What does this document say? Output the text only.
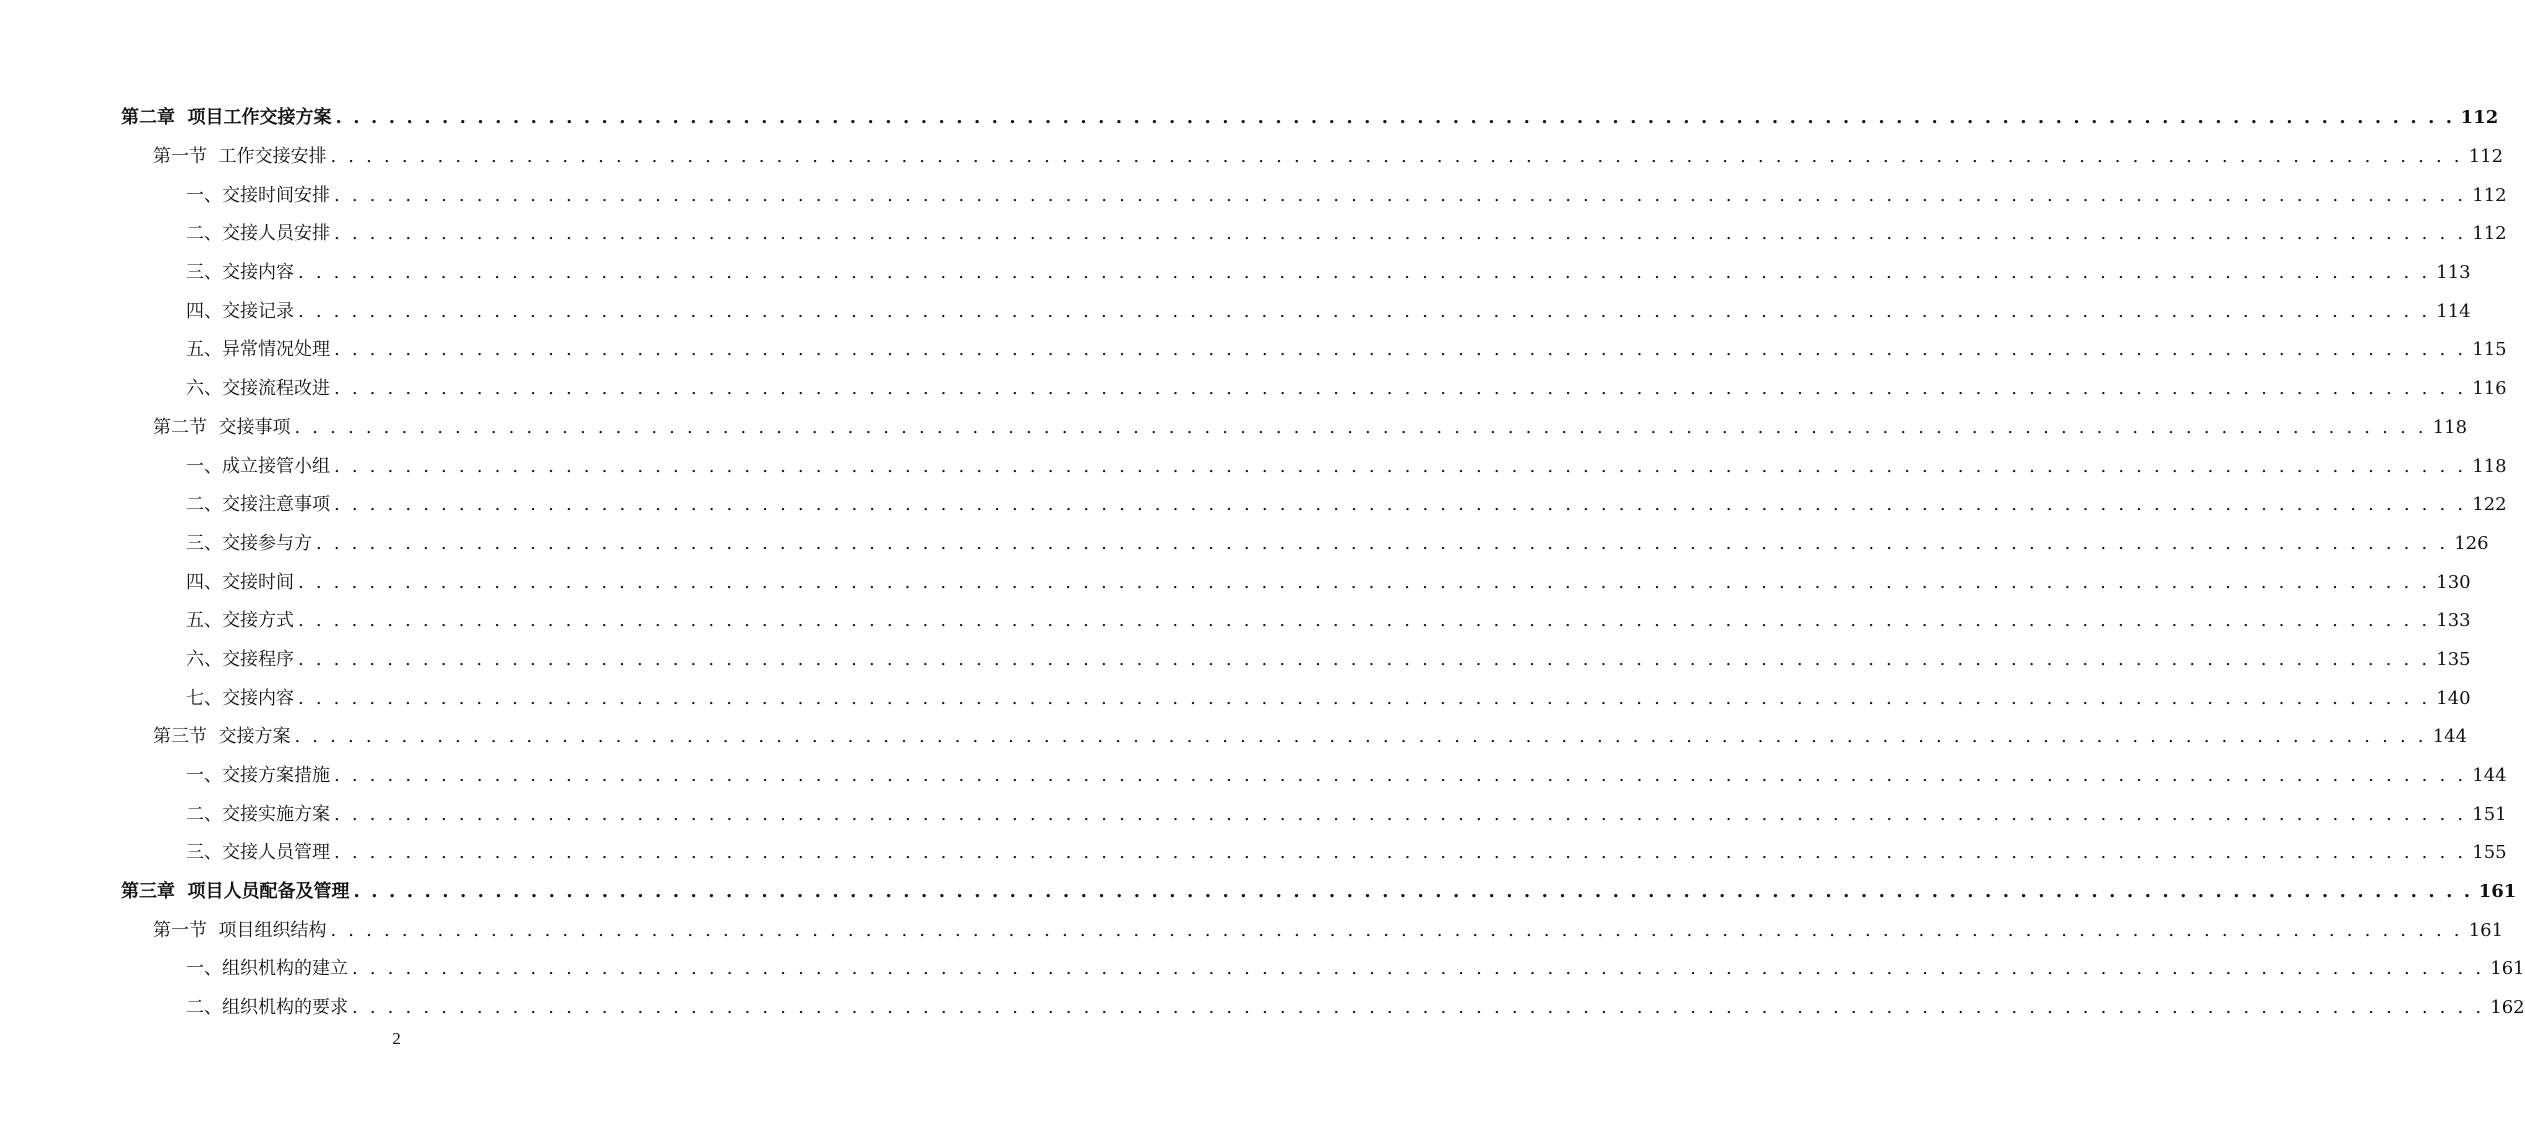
第二章  项目工作交接方案 . . . . . . . . . . . . . . . . . . . . . . . . . . . . . . . . . . . . . . . . . . . . . . . . . . . . . . . . . . . . . . . . . . . . . . . . . . . . . . . . . . . . . . . . . . . . . . . . . . . . . . . . . . . . . . . . . . . . . . . . 112
第一节  工作交接安排 . . . . . . . . . . . . . . . . . . . . . . . . . . . . . . . . . . . . . . . . . . . . . . . . . . . . . . . . . . . . . . . . . . . . . . . . . . . . . . . . . . . . . . . . . . . . . . . . . . . . . . . . . . . . . . . . . . . . . . . . 112
一、交接时间安排 . . . . . . . . . . . . . . . . . . . . . . . . . . . . . . . . . . . . . . . . . . . . . . . . . . . . . . . . . . . . . . . . . . . . . . . . . . . . . . . . . . . . . . . . . . . . . . . . . . . . . . . . . . . . . . . . . . . . . . . . 112
二、交接人员安排 . . . . . . . . . . . . . . . . . . . . . . . . . . . . . . . . . . . . . . . . . . . . . . . . . . . . . . . . . . . . . . . . . . . . . . . . . . . . . . . . . . . . . . . . . . . . . . . . . . . . . . . . . . . . . . . . . . . . . . . . 112
三、交接内容 . . . . . . . . . . . . . . . . . . . . . . . . . . . . . . . . . . . . . . . . . . . . . . . . . . . . . . . . . . . . . . . . . . . . . . . . . . . . . . . . . . . . . . . . . . . . . . . . . . . . . . . . . . . . . . . . . . . . . . . . 113
四、交接记录 . . . . . . . . . . . . . . . . . . . . . . . . . . . . . . . . . . . . . . . . . . . . . . . . . . . . . . . . . . . . . . . . . . . . . . . . . . . . . . . . . . . . . . . . . . . . . . . . . . . . . . . . . . . . . . . . . . . . . . . . 114
五、异常情况处理 . . . . . . . . . . . . . . . . . . . . . . . . . . . . . . . . . . . . . . . . . . . . . . . . . . . . . . . . . . . . . . . . . . . . . . . . . . . . . . . . . . . . . . . . . . . . . . . . . . . . . . . . . . . . . . . . . . . . . . . . 115
六、交接流程改进 . . . . . . . . . . . . . . . . . . . . . . . . . . . . . . . . . . . . . . . . . . . . . . . . . . . . . . . . . . . . . . . . . . . . . . . . . . . . . . . . . . . . . . . . . . . . . . . . . . . . . . . . . . . . . . . . . . . . . . . . 116
第二节  交接事项 . . . . . . . . . . . . . . . . . . . . . . . . . . . . . . . . . . . . . . . . . . . . . . . . . . . . . . . . . . . . . . . . . . . . . . . . . . . . . . . . . . . . . . . . . . . . . . . . . . . . . . . . . . . . . . . . . . . . . . . . 118
一、成立接管小组 . . . . . . . . . . . . . . . . . . . . . . . . . . . . . . . . . . . . . . . . . . . . . . . . . . . . . . . . . . . . . . . . . . . . . . . . . . . . . . . . . . . . . . . . . . . . . . . . . . . . . . . . . . . . . . . . . . . . . . . . 118
二、交接注意事项 . . . . . . . . . . . . . . . . . . . . . . . . . . . . . . . . . . . . . . . . . . . . . . . . . . . . . . . . . . . . . . . . . . . . . . . . . . . . . . . . . . . . . . . . . . . . . . . . . . . . . . . . . . . . . . . . . . . . . . . . 122
三、交接参与方 . . . . . . . . . . . . . . . . . . . . . . . . . . . . . . . . . . . . . . . . . . . . . . . . . . . . . . . . . . . . . . . . . . . . . . . . . . . . . . . . . . . . . . . . . . . . . . . . . . . . . . . . . . . . . . . . . . . . . . . . 126
四、交接时间 . . . . . . . . . . . . . . . . . . . . . . . . . . . . . . . . . . . . . . . . . . . . . . . . . . . . . . . . . . . . . . . . . . . . . . . . . . . . . . . . . . . . . . . . . . . . . . . . . . . . . . . . . . . . . . . . . . . . . . . . 130
五、交接方式 . . . . . . . . . . . . . . . . . . . . . . . . . . . . . . . . . . . . . . . . . . . . . . . . . . . . . . . . . . . . . . . . . . . . . . . . . . . . . . . . . . . . . . . . . . . . . . . . . . . . . . . . . . . . . . . . . . . . . . . . 133
六、交接程序 . . . . . . . . . . . . . . . . . . . . . . . . . . . . . . . . . . . . . . . . . . . . . . . . . . . . . . . . . . . . . . . . . . . . . . . . . . . . . . . . . . . . . . . . . . . . . . . . . . . . . . . . . . . . . . . . . . . . . . . . 135
七、交接内容 . . . . . . . . . . . . . . . . . . . . . . . . . . . . . . . . . . . . . . . . . . . . . . . . . . . . . . . . . . . . . . . . . . . . . . . . . . . . . . . . . . . . . . . . . . . . . . . . . . . . . . . . . . . . . . . . . . . . . . . . 140
第三节  交接方案 . . . . . . . . . . . . . . . . . . . . . . . . . . . . . . . . . . . . . . . . . . . . . . . . . . . . . . . . . . . . . . . . . . . . . . . . . . . . . . . . . . . . . . . . . . . . . . . . . . . . . . . . . . . . . . . . . . . . . . . . 144
一、交接方案措施 . . . . . . . . . . . . . . . . . . . . . . . . . . . . . . . . . . . . . . . . . . . . . . . . . . . . . . . . . . . . . . . . . . . . . . . . . . . . . . . . . . . . . . . . . . . . . . . . . . . . . . . . . . . . . . . . . . . . . . . . 144
二、交接实施方案 . . . . . . . . . . . . . . . . . . . . . . . . . . . . . . . . . . . . . . . . . . . . . . . . . . . . . . . . . . . . . . . . . . . . . . . . . . . . . . . . . . . . . . . . . . . . . . . . . . . . . . . . . . . . . . . . . . . . . . . . 151
三、交接人员管理 . . . . . . . . . . . . . . . . . . . . . . . . . . . . . . . . . . . . . . . . . . . . . . . . . . . . . . . . . . . . . . . . . . . . . . . . . . . . . . . . . . . . . . . . . . . . . . . . . . . . . . . . . . . . . . . . . . . . . . . . 155
第三章  项目人员配备及管理 . . . . . . . . . . . . . . . . . . . . . . . . . . . . . . . . . . . . . . . . . . . . . . . . . . . . . . . . . . . . . . . . . . . . . . . . . . . . . . . . . . . . . . . . . . . . . . . . . . . . . . . . . . . . . . . . . . . . . . . . 161
第一节  项目组织结构 . . . . . . . . . . . . . . . . . . . . . . . . . . . . . . . . . . . . . . . . . . . . . . . . . . . . . . . . . . . . . . . . . . . . . . . . . . . . . . . . . . . . . . . . . . . . . . . . . . . . . . . . . . . . . . . . . . . . . . . . 161
一、组织机构的建立 . . . . . . . . . . . . . . . . . . . . . . . . . . . . . . . . . . . . . . . . . . . . . . . . . . . . . . . . . . . . . . . . . . . . . . . . . . . . . . . . . . . . . . . . . . . . . . . . . . . . . . . . . . . . . . . . . . . . . . . . 161
二、组织机构的要求 . . . . . . . . . . . . . . . . . . . . . . . . . . . . . . . . . . . . . . . . . . . . . . . . . . . . . . . . . . . . . . . . . . . . . . . . . . . . . . . . . . . . . . . . . . . . . . . . . . . . . . . . . . . . . . . . . . . . . . . . 162
2
